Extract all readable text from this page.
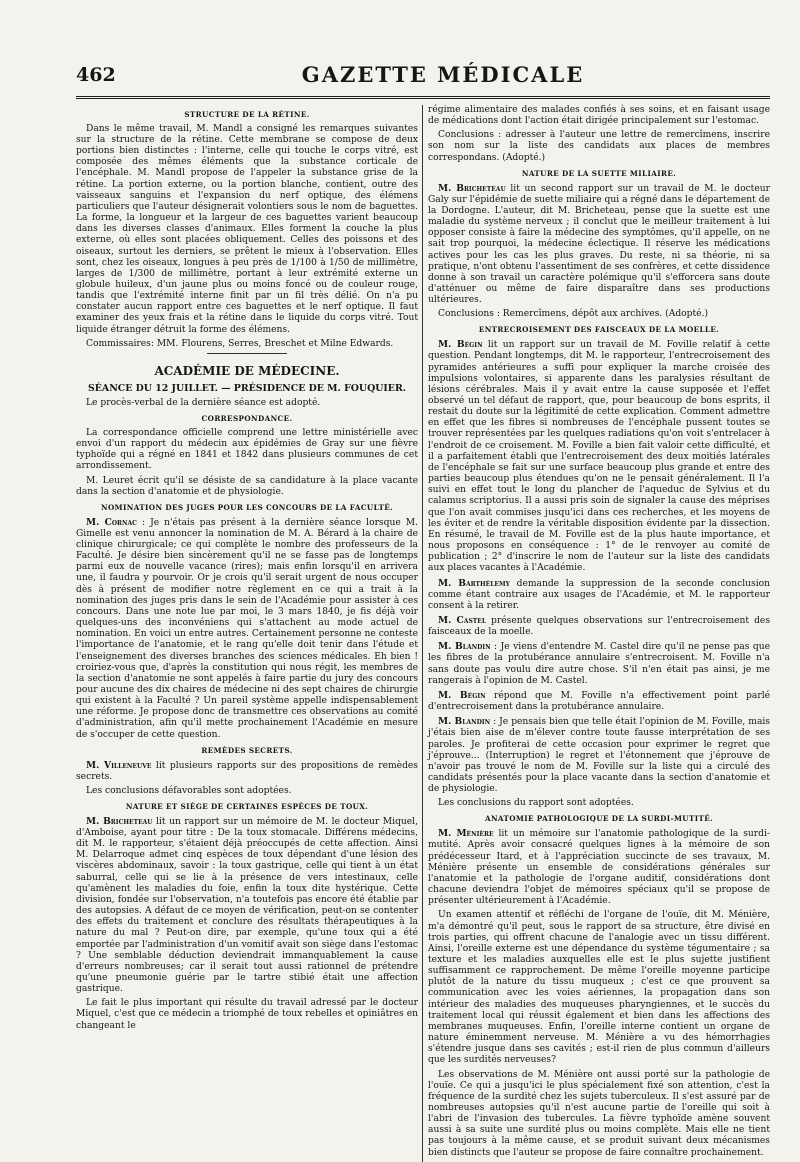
462	GAZETTE MÉDICALE
STRUCTURE DE LA RÉTINE.

Dans le même travail, M. Mandl a consigné les remarques suivantes sur la structure de la rétine. Cette membrane se compose de deux portions bien distinctes : l'interne, celle qui touche le corps vitré, est composée des mêmes éléments que la substance corticale de l'encéphale. M. Mandl propose de l'appeler la substance grise de la rétine. La portion externe, ou la portion blanche, contient, outre des vaisseaux sanguins et l'expansion du nerf optique, des élémens particuliers que l'auteur désignerait volontiers sous le nom de baguettes. La forme, la longueur et la largeur de ces baguettes varient beaucoup dans les diverses classes d'animaux. Elles forment la couche la plus externe, où elles sont placées obliquement. Celles des poissons et des oiseaux, surtout les derniers, se prêtent le mieux à l'observation. Elles sont, chez les oiseaux, longues à peu près de 1/100 à 1/50 de millimètre, larges de 1/300 de millimètre, portant à leur extrémité externe un globule huileux, d'un jaune plus ou moins foncé ou de couleur rouge, tandis que l'extrémité interne finit par un fil très délié. On n'a pu constater aucun rapport entre ces baguettes et le nerf optique. Il faut examiner des yeux frais et la rétine dans le liquide du corps vitré. Tout liquide étranger détruit la forme des élémens.

Commissaires: MM. Flourens, Serres, Breschet et Milne Edwards.

ACADÉMIE DE MÉDECINE.
SÉANCE DU 12 JUILLET. — PRÉSIDENCE DE M. FOUQUIER.

Le procès-verbal de la dernière séance est adopté.

CORRESPONDANCE.

La correspondance officielle comprend une lettre ministérielle avec envoi d'un rapport du médecin aux épidémies de Gray sur une fièvre typhoïde qui a régné en 1841 et 1842 dans plusieurs communes de cet arrondissement.

M. Leuret écrit qu'il se désiste de sa candidature à la place vacante dans la section d'anatomie et de physiologie.

NOMINATION DES JUGES POUR LES CONCOURS DE LA FACULTÉ.

M. Cornac : Je n'étais pas présent à la dernière séance lorsque M. Gimelle est venu annoncer la nomination de M. A. Bérard à la chaire de clinique chirurgicale; ce qui complète le nombre des professeurs de la Faculté. Je désire bien sincèrement qu'il ne se fasse pas de longtemps parmi eux de nouvelle vacance (rires); mais enfin lorsqu'il en arrivera une, il faudra y pourvoir. Or je crois qu'il serait urgent de nous occuper dès à présent de modifier notre règlement en ce qui a trait à la nomination des juges pris dans le sein de l'Académie pour assister à ces concours. Dans une note lue par moi, le 3 mars 1840, je fis déjà voir quelques-uns des inconvéniens qui s'attachent au mode actuel de nomination. En voici un entre autres. Certainement personne ne conteste l'importance de l'anatomie, et le rang qu'elle doit tenir dans l'étude et l'enseignement des diverses branches des sciences médicales. Eh bien ! croiriez-vous que, d'après la constitution qui nous régit, les membres de la section d'anatomie ne sont appelés à faire partie du jury des concours pour aucune des dix chaires de médecine ni des sept chaires de chirurgie qui existent à la Faculté ? Un pareil système appelle indispensablement une réforme. Je propose donc de transmettre ces observations au comité d'administration, afin qu'il mette prochainement l'Académie en mesure de s'occuper de cette question.

REMÈDES SECRETS.

M. Villeneuve lit plusieurs rapports sur des propositions de remèdes secrets.

Les conclusions défavorables sont adoptées.

NATURE ET SIÈGE DE CERTAINES ESPÈCES DE TOUX.

M. Bricheteau lit un rapport sur un mémoire de M. le docteur Miquel, d'Amboise, ayant pour titre : De la toux stomacale. Différens médecins, dit M. le rapporteur, s'étaient déjà préoccupés de cette affection. Ainsi M. Delarroque admet cinq espèces de toux dépendant d'une lésion des viscères abdominaux, savoir : la toux gastrique, celle qui tient à un état saburral, celle qui se lie à la présence de vers intestinaux, celle qu'amènent les maladies du foie, enfin la toux dite hystérique. Cette division, fondée sur l'observation, n'a toutefois pas encore été établie par des autopsies. A défaut de ce moyen de vérification, peut-on se contenter des effets du traitement et conclure des résultats thérapeutiques à la nature du mal ? Peut-on dire, par exemple, qu'une toux qui a été emportée par l'administration d'un vomitif avait son siège dans l'estomac ? Une semblable déduction deviendrait immanquablement la cause d'erreurs nombreuses; car il serait tout aussi rationnel de prétendre qu'une pneumonie guérie par le tartre stibié était une affection gastrique.

Le fait le plus important qui résulte du travail adressé par le docteur Miquel, c'est que ce médecin a triomphé de toux rebelles et opiniâtres en changeant le

régime alimentaire des malades confiés à ses soins, et en faisant usage de médications dont l'action était dirigée principalement sur l'estomac.

Conclusions : adresser à l'auteur une lettre de remercîmens, inscrire son nom sur la liste des candidats aux places de membres correspondans. (Adopté.)

NATURE DE LA SUETTE MILIAIRE.

M. Bricheteau lit un second rapport sur un travail de M. le docteur Galy sur l'épidémie de suette miliaire qui a régné dans le département de la Dordogne. L'auteur, dit M. Bricheteau, pense que la suette est une maladie du système nerveux ; il conclut que le meilleur traitement à lui opposer consiste à faire la médecine des symptômes, qu'il appelle, on ne sait trop pourquoi, la médecine éclectique. Il réserve les médications actives pour les cas les plus graves. Du reste, ni sa théorie, ni sa pratique, n'ont obtenu l'assentiment de ses confrères, et cette dissidence donne à son travail un caractère polémique qu'il s'efforcera sans doute d'atténuer ou même de faire disparaître dans ses productions ultérieures.

Conclusions : Remercîmens, dépôt aux archives. (Adopté.)

ENTRECROISEMENT DES FAISCEAUX DE LA MOELLE.

M. Bégin lit un rapport sur un travail de M. Foville relatif à cette question. Pendant longtemps, dit M. le rapporteur, l'entrecroisement des pyramides antérieures a suffi pour expliquer la marche croisée des impulsions volontaires, si apparente dans les paralysies résultant de lésions cérébrales. Mais il y avait entre la cause supposée et l'effet observé un tel défaut de rapport, que, pour beaucoup de bons esprits, il restait du doute sur la légitimité de cette explication. Comment admettre en effet que les fibres si nombreuses de l'encéphale pussent toutes se trouver représentées par les quelques radiations qu'on voit s'entrelacer à l'endroit de ce croisement. M. Foville a bien fait valoir cette difficulté, et il a parfaitement établi que l'entrecroisement des deux moitiés latérales de l'encéphale se fait sur une surface beaucoup plus grande et entre des parties beaucoup plus étendues qu'on ne le pensait généralement. Il l'a suivi en effet tout le long du plancher de l'aqueduc de Sylvius et du calamus scriptorius. Il a aussi pris soin de signaler la cause des méprises que l'on avait commises jusqu'ici dans ces recherches, et les moyens de les éviter et de rendre la véritable disposition évidente par la dissection. En résumé, le travail de M. Foville est de la plus haute importance, et nous proposons en conséquence : 1° de le renvoyer au comité de publication ; 2° d'inscrire le nom de l'auteur sur la liste des candidats aux places vacantes à l'Académie.

M. Barthélemy demande la suppression de la seconde conclusion comme étant contraire aux usages de l'Académie, et M. le rapporteur consent à la retirer.

M. Castel présente quelques observations sur l'entrecroisement des faisceaux de la moelle.

M. Blandin : Je viens d'entendre M. Castel dire qu'il ne pense pas que les fibres de la protubérance annulaire s'entrecroisent. M. Foville n'a sans doute pas voulu dire autre chose. S'il n'en était pas ainsi, je me rangerais à l'opinion de M. Castel.

M. Bégin répond que M. Foville n'a effectivement point parlé d'entrecroisement dans la protubérance annulaire.

M. Blandin : Je pensais bien que telle était l'opinion de M. Foville, mais j'étais bien aise de m'élever contre toute fausse interprétation de ses paroles. Je profiterai de cette occasion pour exprimer le regret que j'éprouve... (Interruption) le regret et l'étonnement que j'éprouve de n'avoir pas trouvé le nom de M. Foville sur la liste qui a circulé des candidats présentés pour la place vacante dans la section d'anatomie et de physiologie.

Les conclusions du rapport sont adoptées.

ANATOMIE PATHOLOGIQUE DE LA SURDI-MUTITÉ.

M. Ménière lit un mémoire sur l'anatomie pathologique de la surdi-mutité. Après avoir consacré quelques lignes à la mémoire de son prédécesseur Itard, et à l'appréciation succincte de ses travaux, M. Ménière présente un ensemble de considérations générales sur l'anatomie et la pathologie de l'organe auditif, considérations dont chacune deviendra l'objet de mémoires spéciaux qu'il se propose de présenter ultérieurement à l'Académie.

Un examen attentif et réfléchi de l'organe de l'ouïe, dit M. Ménière, m'a démontré qu'il peut, sous le rapport de sa structure, être divisé en trois parties, qui offrent chacune de l'analogie avec un tissu différent. Ainsi, l'oreille externe est une dépendance du système tégumentaire ; sa texture et les maladies auxquelles elle est le plus sujette justifient suffisamment ce rapprochement. De même l'oreille moyenne participe plutôt de la nature du tissu muqueux ; c'est ce que prouvent sa communication avec les voies aériennes, la propagation dans son intérieur des maladies des muqueuses pharyngiennes, et le succès du traitement local qui réussit également et bien dans les affections des membranes muqueuses. Enfin, l'oreille interne contient un organe de nature éminemment nerveuse. M. Ménière a vu des hémorrhagies s'étendre jusque dans ses cavités ; est-il rien de plus commun d'ailleurs que les surdités nerveuses?

Les observations de M. Ménière ont aussi porté sur la pathologie de l'ouïe. Ce qui a jusqu'ici le plus spécialement fixé son attention, c'est la fréquence de la surdité chez les sujets tuberculeux. Il s'est assuré par de nombreuses autopsies qu'il n'est aucune partie de l'oreille qui soit à l'abri de l'invasion des tubercules. La fièvre typhoïde amène souvent aussi à sa suite une surdité plus ou moins complète. Mais elle ne tient pas toujours à la même cause, et se produit suivant deux mécanismes bien distincts que l'auteur se propose de faire connaître prochainement.
